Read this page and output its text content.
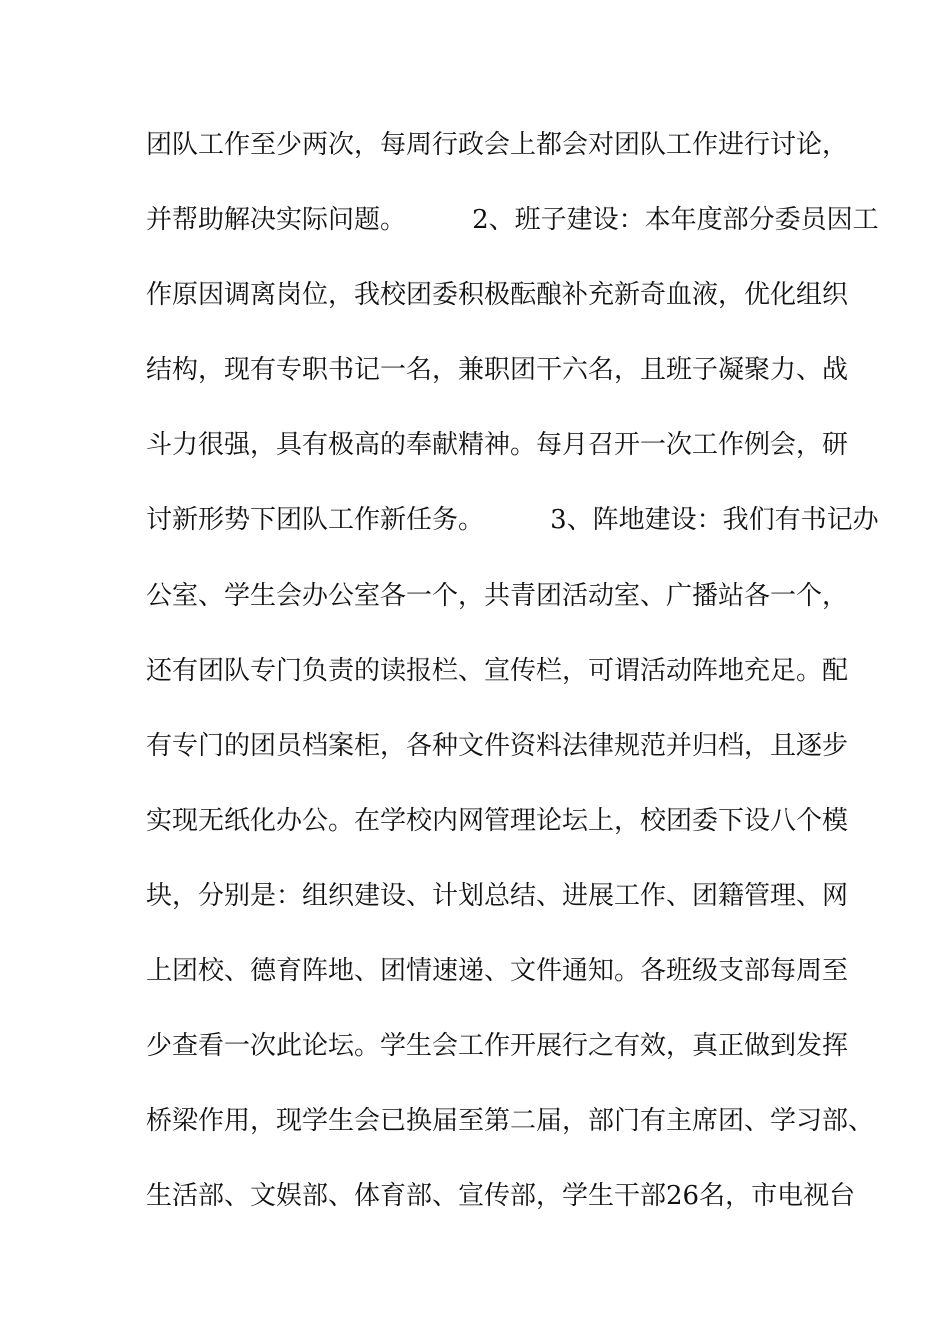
团队工作至少两次，每周行政会上都会对团队工作进行讨论，
并帮助解决实际问题。        2、班子建设：本年度部分委员因工
作原因调离岗位，我校团委积极酝酿补充新奇血液，优化组织
结构，现有专职书记一名，兼职团干六名，且班子凝聚力、战
斗力很强，具有极高的奉献精神。每月召开一次工作例会，研
讨新形势下团队工作新任务。        3、阵地建设：我们有书记办
公室、学生会办公室各一个，共青团活动室、广播站各一个，
还有团队专门负责的读报栏、宣传栏，可谓活动阵地充足。配
有专门的团员档案柜，各种文件资料法律规范并归档，且逐步
实现无纸化办公。在学校内网管理论坛上，校团委下设八个模
块，分别是：组织建设、计划总结、进展工作、团籍管理、网
上团校、德育阵地、团情速递、文件通知。各班级支部每周至
少查看一次此论坛。学生会工作开展行之有效，真正做到发挥
桥梁作用，现学生会已换届至第二届，部门有主席团、学习部、
生活部、文娱部、体育部、宣传部，学生干部26名，市电视台
